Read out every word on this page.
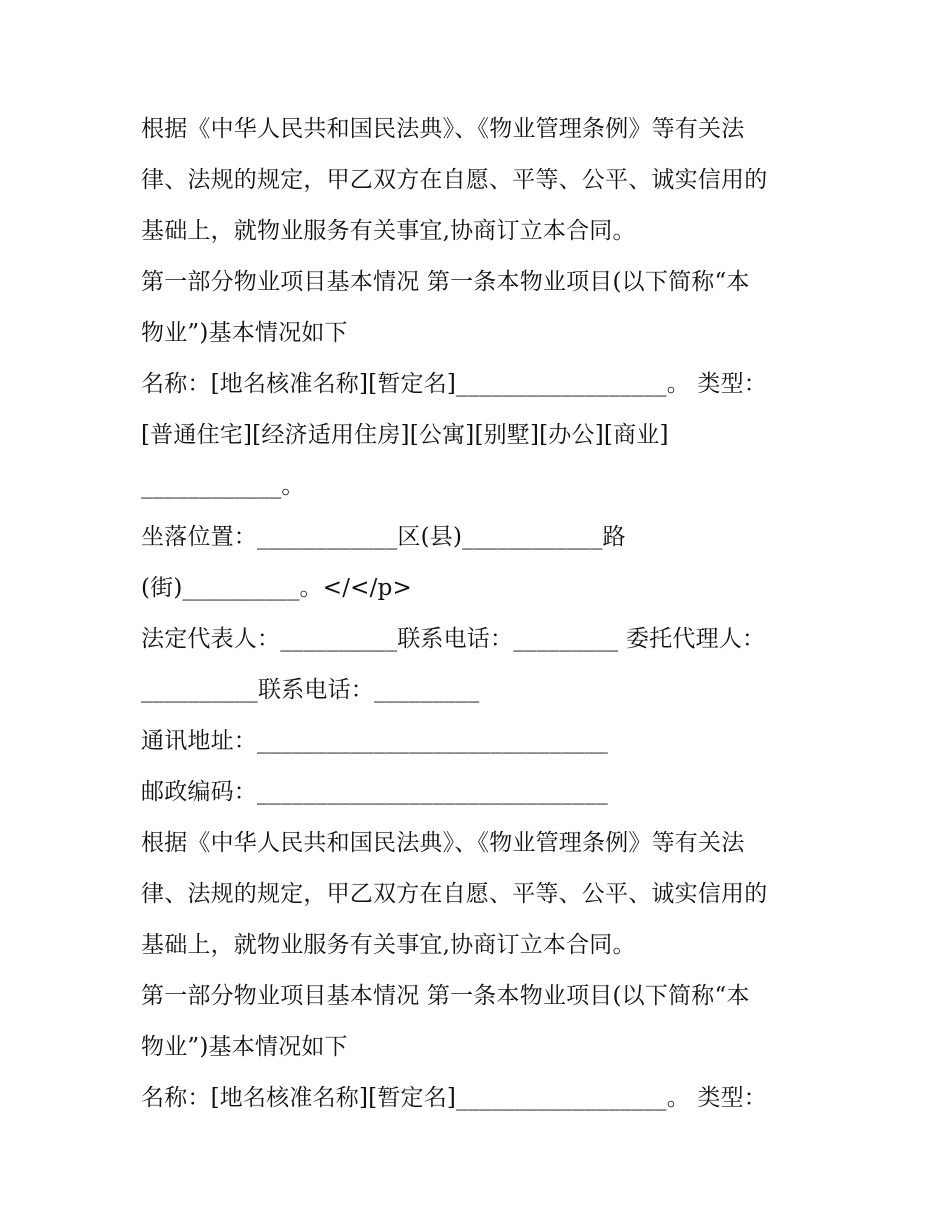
根据《中华人民共和国民法典》、《物业管理条例》等有关法
律、法规的规定，甲乙双方在自愿、平等、公平、诚实信用的
基础上，就物业服务有关事宜,协商订立本合同。
第一部分物业项目基本情况 第一条本物业项目(以下简称“本
物业”)基本情况如下
名称：[地名核准名称][暂定名]__________________。 类型：
[普通住宅][经济适用住房][公寓][别墅][办公][商业]
____________。
坐落位置：____________区(县)____________路
(街)__________。</</p>
法定代表人：__________联系电话：_________ 委托代理人：
__________联系电话：_________
通讯地址：______________________________
邮政编码：______________________________
根据《中华人民共和国民法典》、《物业管理条例》等有关法
律、法规的规定，甲乙双方在自愿、平等、公平、诚实信用的
基础上，就物业服务有关事宜,协商订立本合同。
第一部分物业项目基本情况 第一条本物业项目(以下简称“本
物业”)基本情况如下
名称：[地名核准名称][暂定名]__________________。 类型：
